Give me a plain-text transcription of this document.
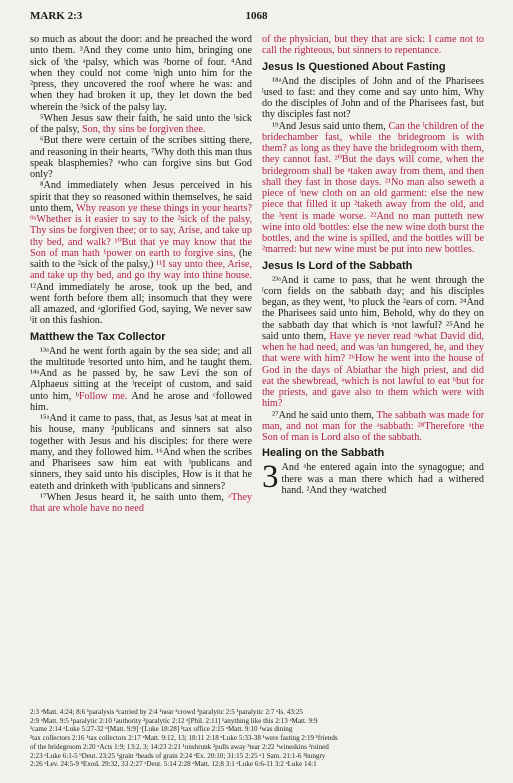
MARK 2:3	1068

so much as about the door: and he preached the word unto them. ³And they come unto him, bringing one sick of ˡthe ᵃpalsy, which was ²borne of four. ⁴And when they could not come ˡnigh unto him for the ²press, they uncovered the roof where he was: and when they had broken it up, they let down the bed wherein the ³sick of the palsy lay.

⁵When Jesus saw their faith, he said unto the ˡsick of the palsy, Son, thy sins be forgiven thee.

⁶But there were certain of the scribes sitting there, and reasoning in their hearts, ⁷Why doth this man thus speak blasphemies? ᵃwho can forgive sins but God only?

⁸And immediately when Jesus perceived in his spirit that they so reasoned within themselves, he said unto them, Why reason ye these things in your hearts? ⁹ᵃWhether is it easier to say to the ²sick of the palsy, Thy sins be forgiven thee; or to say, Arise, and take up thy bed, and walk? ¹⁰But that ye may know that the Son of man hath ¹power on earth to forgive sins, (he saith to the ²sick of the palsy,) ¹¹I say unto thee, Arise, and take up thy bed, and go thy way into thine house. ¹²And immediately he arose, took up the bed, and went forth before them all; insomuch that they were all amazed, and ᵃglorified God, saying, We never saw ˡit on this fashion.

Matthew the Tax Collector

¹³ᵃAnd he went forth again by the sea side; and all the multitude ˡresorted unto him, and he taught them. ¹⁴ᵃAnd as he passed by, he saw Levi the son of Alphaeus sitting at the ˡreceipt of custom, and said unto him, ᵇFollow me. And he arose and ᶜfollowed him.

¹⁵ᵃAnd it came to pass, that, as Jesus ˡsat at meat in his house, many ²publicans and sinners sat also together with Jesus and his disciples: for there were many, and they followed him. ¹⁶And when the scribes and Pharisees saw him eat with ˡpublicans and sinners, they said unto his disciples, How is it that he eateth and drinketh with ˡpublicans and sinners?

¹⁷When Jesus heard it, he saith unto them, ᵃThey that are whole have no need

of the physician, but they that are sick: I came not to call the righteous, but sinners to repentance.

Jesus Is Questioned About Fasting

¹⁸ᵃAnd the disciples of John and of the Pharisees ˡused to fast: and they come and say unto him, Why do the disciples of John and of the Pharisees fast, but thy disciples fast not?

¹⁹And Jesus said unto them, Can the ˡchildren of the bridechamber fast, while the bridegroom is with them? as long as they have the bridegroom with them, they cannot fast. ²⁰But the days will come, when the bridegroom shall be ᵃtaken away from them, and then shall they fast in those days. ²¹No man also seweth a piece of ˡnew cloth on an old garment: else the new piece that filled it up ²taketh away from the old, and the ³rent is made worse. ²²And no man putteth new wine into old ˡbottles: else the new wine doth burst the bottles, and the wine is spilled, and the bottles will be ²marred: but new wine must be put into new bottles.

Jesus Is Lord of the Sabbath

²³ᵃAnd it came to pass, that he went through the ˡcorn fields on the sabbath day; and his disciples began, as they went, ᵇto pluck the ²ears of corn. ²⁴And the Pharisees said unto him, Behold, why do they on the sabbath day that which is ᵃnot lawful? ²⁵And he said unto them, Have ye never read ᵃwhat David did, when he had need, and was ˡan hungered, he, and they that were with him? ²⁶How he went into the house of God in the days of Abiathar the high priest, and did eat the shewbread, ᵃwhich is not lawful to eat ᵇbut for the priests, and gave also to them which were with him?

²⁷And he said unto them, The sabbath was made for man, and not man for the ᵃsabbath: ²⁸Therefore ᵃthe Son of man is Lord also of the sabbath.

Healing on the Sabbath

3 And ᵃhe entered again into the synagogue; and there was a man there which had a withered hand. ²And they ᵃwatched

2:3 ᵃMatt. 4:24; 8:6 ¹paralysis ²carried by 2:4 ¹near ²crowd ³paralytic 2:5 ¹paralytic 2:7 ᵃIs. 43:25
2:9 ᵃMatt. 9:5 ¹paralytic 2:10 ¹authority ²paralytic 2:12 ᵃ[Phil. 2:11] ¹anything like this 2:13 ᵃMatt. 9:9
¹came 2:14 ᵃLuke 5:27-32 ᵇ[Matt. 9:9] ᶜ[Luke 18:28] ¹tax office 2:15 ᵃMatt. 9:10 ¹was dining
²tax collectors 2:16 ¹tax collectors 2:17 ᵃMatt. 9:12, 13; 18:11 2:18 ᵃLuke 5:33-38 ¹were fasting 2:19 ¹friends
of the bridegroom 2:20 ᵃActs 1:9; 13:2, 3; 14:23 2:21 ¹unshrunk ²pulls away ³tear 2:22 ¹wineskins ²ruined
2:23 ᵃLuke 6:1-5 ᵇDeut. 23:25 ¹grain ²heads of grain 2:24 ᵃEx. 20:10; 31:15 2:25 ᵃ1 Sam. 21:1-6 ¹hungry
2:26 ᵃLev. 24:5-9 ᵇExod. 29:32, 33 2:27 ᵃDeut. 5:14 2:28 ᵃMatt. 12:8 3:1 ᵃLuke 6:6-11 3:2 ᵃLuke 14:1
